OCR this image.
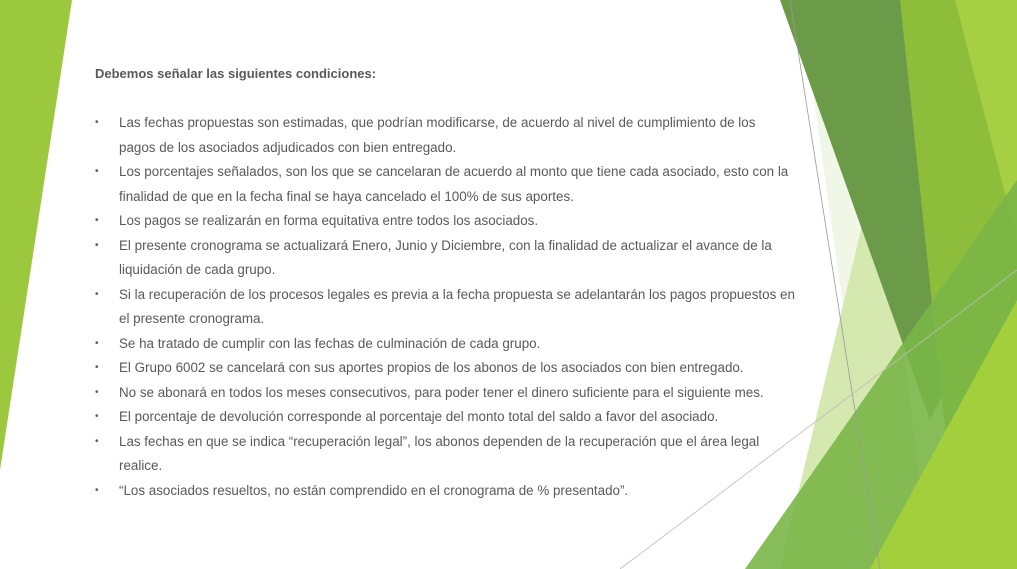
Debemos señalar las siguientes condiciones:

• Las fechas propuestas son estimadas, que podrían modificarse, de acuerdo al nivel de cumplimiento de los pagos de los asociados adjudicados con bien entregado.
• Los porcentajes señalados, son los que se cancelaran de acuerdo al monto que tiene cada asociado, esto con la finalidad de que en la fecha final se haya cancelado el 100% de sus aportes.
• Los pagos se realizarán en forma equitativa entre todos los asociados.
• El presente cronograma se actualizará Enero, Junio y Diciembre, con la finalidad de actualizar el avance de la liquidación de cada grupo.
• Si la recuperación de los procesos legales es previa a la fecha propuesta se adelantarán los pagos propuestos en el presente cronograma.
• Se ha tratado de cumplir con las fechas de culminación de cada grupo.
• El Grupo 6002 se cancelará con sus aportes propios de los abonos de los asociados con bien entregado.
• No se abonará en todos los meses consecutivos, para poder tener el dinero suficiente para el siguiente mes.
• El porcentaje de devolución corresponde al porcentaje del monto total del saldo a favor del asociado.
• Las fechas en que se indica “recuperación legal”, los abonos dependen de la recuperación que el área legal realice.
• “Los asociados resueltos, no están comprendido en el cronograma de % presentado”.
